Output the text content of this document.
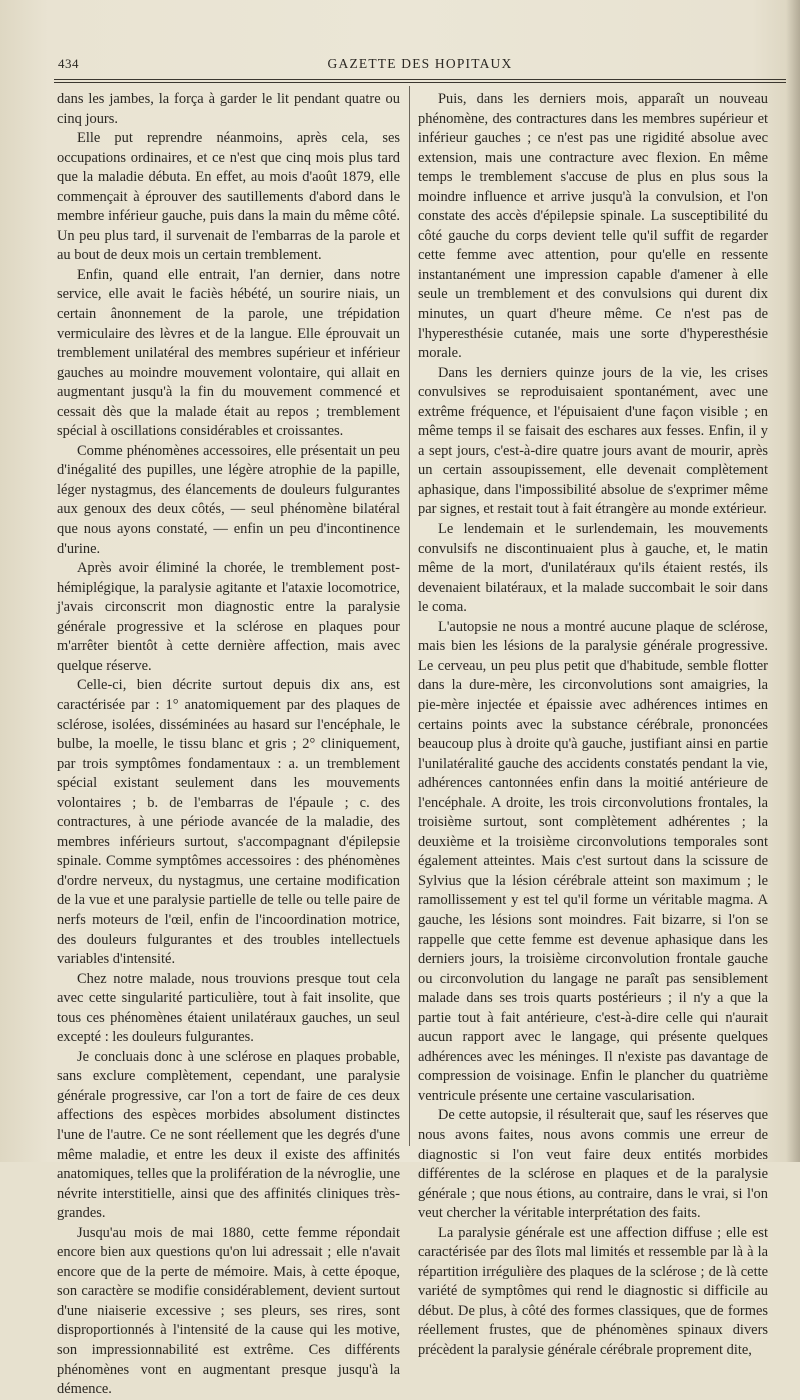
434	GAZETTE DES HOPITAUX

dans les jambes, la força à garder le lit pendant quatre ou cinq jours.

Elle put reprendre néanmoins, après cela, ses occupations ordinaires, et ce n'est que cinq mois plus tard que la maladie débuta. En effet, au mois d'août 1879, elle commençait à éprouver des sautillements d'abord dans le membre inférieur gauche, puis dans la main du même côté. Un peu plus tard, il survenait de l'embarras de la parole et au bout de deux mois un certain tremblement.

Enfin, quand elle entrait, l'an dernier, dans notre service, elle avait le faciès hébété, un sourire niais, un certain ânonnement de la parole, une trépidation vermiculaire des lèvres et de la langue. Elle éprouvait un tremblement unilatéral des membres supérieur et inférieur gauches au moindre mouvement volontaire, qui allait en augmentant jusqu'à la fin du mouvement commencé et cessait dès que la malade était au repos ; tremblement spécial à oscillations considérables et croissantes.

Comme phénomènes accessoires, elle présentait un peu d'inégalité des pupilles, une légère atrophie de la papille, léger nystagmus, des élancements de douleurs fulgurantes aux genoux des deux côtés, — seul phénomène bilatéral que nous ayons constaté, — enfin un peu d'incontinence d'urine.

Après avoir éliminé la chorée, le tremblement post-hémiplégique, la paralysie agitante et l'ataxie locomotrice, j'avais circonscrit mon diagnostic entre la paralysie générale progressive et la sclérose en plaques pour m'arrêter bientôt à cette dernière affection, mais avec quelque réserve.

Celle-ci, bien décrite surtout depuis dix ans, est caractérisée par : 1° anatomiquement par des plaques de sclérose, isolées, disséminées au hasard sur l'encéphale, le bulbe, la moelle, le tissu blanc et gris ; 2° cliniquement, par trois symptômes fondamentaux : a. un tremblement spécial existant seulement dans les mouvements volontaires ; b. de l'embarras de l'épaule ; c. des contractures, à une période avancée de la maladie, des membres inférieurs surtout, s'accompagnant d'épilepsie spinale. Comme symptômes accessoires : des phénomènes d'ordre nerveux, du nystagmus, une certaine modification de la vue et une paralysie partielle de telle ou telle paire de nerfs moteurs de l'œil, enfin de l'incoordination motrice, des douleurs fulgurantes et des troubles intellectuels variables d'intensité.

Chez notre malade, nous trouvions presque tout cela avec cette singularité particulière, tout à fait insolite, que tous ces phénomènes étaient unilatéraux gauches, un seul excepté : les douleurs fulgurantes.

Je concluais donc à une sclérose en plaques probable, sans exclure complètement, cependant, une paralysie générale progressive, car l'on a tort de faire de ces deux affections des espèces morbides absolument distinctes l'une de l'autre. Ce ne sont réellement que les degrés d'une même maladie, et entre les deux il existe des affinités anatomiques, telles que la prolifération de la névroglie, une névrite interstitielle, ainsi que des affinités cliniques très-grandes.

Jusqu'au mois de mai 1880, cette femme répondait encore bien aux questions qu'on lui adressait ; elle n'avait encore que de la perte de mémoire. Mais, à cette époque, son caractère se modifie considérablement, devient surtout d'une niaiserie excessive ; ses pleurs, ses rires, sont disproportionnés à l'intensité de la cause qui les motive, son impressionnabilité est extrême. Ces différents phénomènes vont en augmentant presque jusqu'à la démence.

Puis, dans les derniers mois, apparaît un nouveau phénomène, des contractures dans les membres supérieur et inférieur gauches ; ce n'est pas une rigidité absolue avec extension, mais une contracture avec flexion. En même temps le tremblement s'accuse de plus en plus sous la moindre influence et arrive jusqu'à la convulsion, et l'on constate des accès d'épilepsie spinale. La susceptibilité du côté gauche du corps devient telle qu'il suffit de regarder cette femme avec attention, pour qu'elle en ressente instantanément une impression capable d'amener à elle seule un tremblement et des convulsions qui durent dix minutes, un quart d'heure même. Ce n'est pas de l'hyperesthésie cutanée, mais une sorte d'hyperesthésie morale.

Dans les derniers quinze jours de la vie, les crises convulsives se reproduisaient spontanément, avec une extrême fréquence, et l'épuisaient d'une façon visible ; en même temps il se faisait des eschares aux fesses. Enfin, il y a sept jours, c'est-à-dire quatre jours avant de mourir, après un certain assoupissement, elle devenait complètement aphasique, dans l'impossibilité absolue de s'exprimer même par signes, et restait tout à fait étrangère au monde extérieur.

Le lendemain et le surlendemain, les mouvements convulsifs ne discontinuaient plus à gauche, et, le matin même de la mort, d'unilatéraux qu'ils étaient restés, ils devenaient bilatéraux, et la malade succombait le soir dans le coma.

L'autopsie ne nous a montré aucune plaque de sclérose, mais bien les lésions de la paralysie générale progressive. Le cerveau, un peu plus petit que d'habitude, semble flotter dans la dure-mère, les circonvolutions sont amaigries, la pie-mère injectée et épaissie avec adhérences intimes en certains points avec la substance cérébrale, prononcées beaucoup plus à droite qu'à gauche, justifiant ainsi en partie l'unilatéralité gauche des accidents constatés pendant la vie, adhérences cantonnées enfin dans la moitié antérieure de l'encéphale. A droite, les trois circonvolutions frontales, la troisième surtout, sont complètement adhérentes ; la deuxième et la troisième circonvolutions temporales sont également atteintes. Mais c'est surtout dans la scissure de Sylvius que la lésion cérébrale atteint son maximum ; le ramollissement y est tel qu'il forme un véritable magma. A gauche, les lésions sont moindres. Fait bizarre, si l'on se rappelle que cette femme est devenue aphasique dans les derniers jours, la troisième circonvolution frontale gauche ou circonvolution du langage ne paraît pas sensiblement malade dans ses trois quarts postérieurs ; il n'y a que la partie tout à fait antérieure, c'est-à-dire celle qui n'aurait aucun rapport avec le langage, qui présente quelques adhérences avec les méninges. Il n'existe pas davantage de compression de voisinage. Enfin le plancher du quatrième ventricule présente une certaine vascularisation.

De cette autopsie, il résulterait que, sauf les réserves que nous avons faites, nous avons commis une erreur de diagnostic si l'on veut faire deux entités morbides différentes de la sclérose en plaques et de la paralysie générale ; que nous étions, au contraire, dans le vrai, si l'on veut chercher la véritable interprétation des faits.

La paralysie générale est une affection diffuse ; elle est caractérisée par des îlots mal limités et ressemble par là à la répartition irrégulière des plaques de la sclérose ; de là cette variété de symptômes qui rend le diagnostic si difficile au début. De plus, à côté des formes classiques, que de formes réellement frustes, que de phénomènes spinaux divers précèdent la paralysie générale cérébrale proprement dite,
